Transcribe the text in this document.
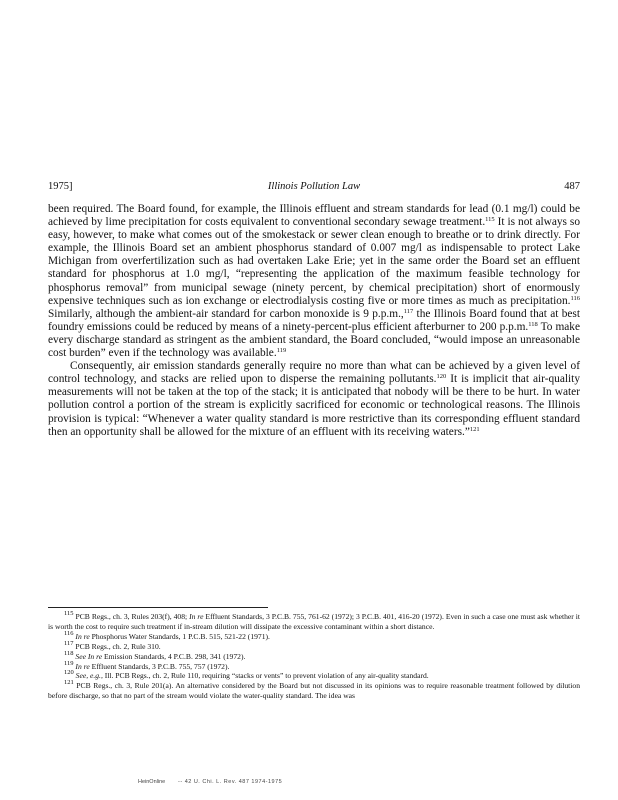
1975]	Illinois Pollution Law	487

been required. The Board found, for example, the Illinois effluent and stream standards for lead (0.1 mg/l) could be achieved by lime precipitation for costs equivalent to conventional secondary sewage treatment.$^{115}$ It is not always so easy, however, to make what comes out of the smokestack or sewer clean enough to breathe or to drink directly. For example, the Illinois Board set an ambient phosphorus standard of 0.007 mg/l as indispensable to protect Lake Michigan from overfertilization such as had overtaken Lake Erie; yet in the same order the Board set an effluent standard for phosphorus at 1.0 mg/l, “representing the application of the maximum feasible technology for phosphorus removal” from municipal sewage (ninety percent, by chemical precipitation) short of enormously expensive techniques such as ion exchange or electrodialysis costing five or more times as much as precipitation.$^{116}$ Similarly, although the ambient-air standard for carbon monoxide is 9 p.p.m.,$^{117}$ the Illinois Board found that at best foundry emissions could be reduced by means of a ninety-percent-plus efficient afterburner to 200 p.p.m.$^{118}$ To make every discharge standard as stringent as the ambient standard, the Board concluded, “would impose an unreasonable cost burden” even if the technology was available.$^{119}$

Consequently, air emission standards generally require no more than what can be achieved by a given level of control technology, and stacks are relied upon to disperse the remaining pollutants.$^{120}$ It is implicit that air-quality measurements will not be taken at the top of the stack; it is anticipated that nobody will be there to be hurt. In water pollution control a portion of the stream is explicitly sacrificed for economic or technological reasons. The Illinois provision is typical: “Whenever a water quality standard is more restrictive than its corresponding effluent standard then an opportunity shall be allowed for the mixture of an effluent with its receiving waters.”$^{121}$

$^{115}$ PCB Regs., ch. 3, Rules 203(f), 408; In re Effluent Standards, 3 P.C.B. 755, 761-62 (1972); 3 P.C.B. 401, 416-20 (1972). Even in such a case one must ask whether it is worth the cost to require such treatment if in-stream dilution will dissipate the excessive contaminant within a short distance.

$^{116}$ In re Phosphorus Water Standards, 1 P.C.B. 515, 521-22 (1971).

$^{117}$ PCB Regs., ch. 2, Rule 310.

$^{118}$ See In re Emission Standards, 4 P.C.B. 298, 341 (1972).

$^{119}$ In re Effluent Standards, 3 P.C.B. 755, 757 (1972).

$^{120}$ See, e.g., Ill. PCB Regs., ch. 2, Rule 110, requiring “stacks or vents” to prevent violation of any air-quality standard.

$^{121}$ PCB Regs., ch. 3, Rule 201(a). An alternative considered by the Board but not discussed in its opinions was to require reasonable treatment followed by dilution before discharge, so that no part of the stream would violate the water-quality standard. The idea was

HeinOnline -- 42 U. Chi. L. Rev. 487 1974-1975
